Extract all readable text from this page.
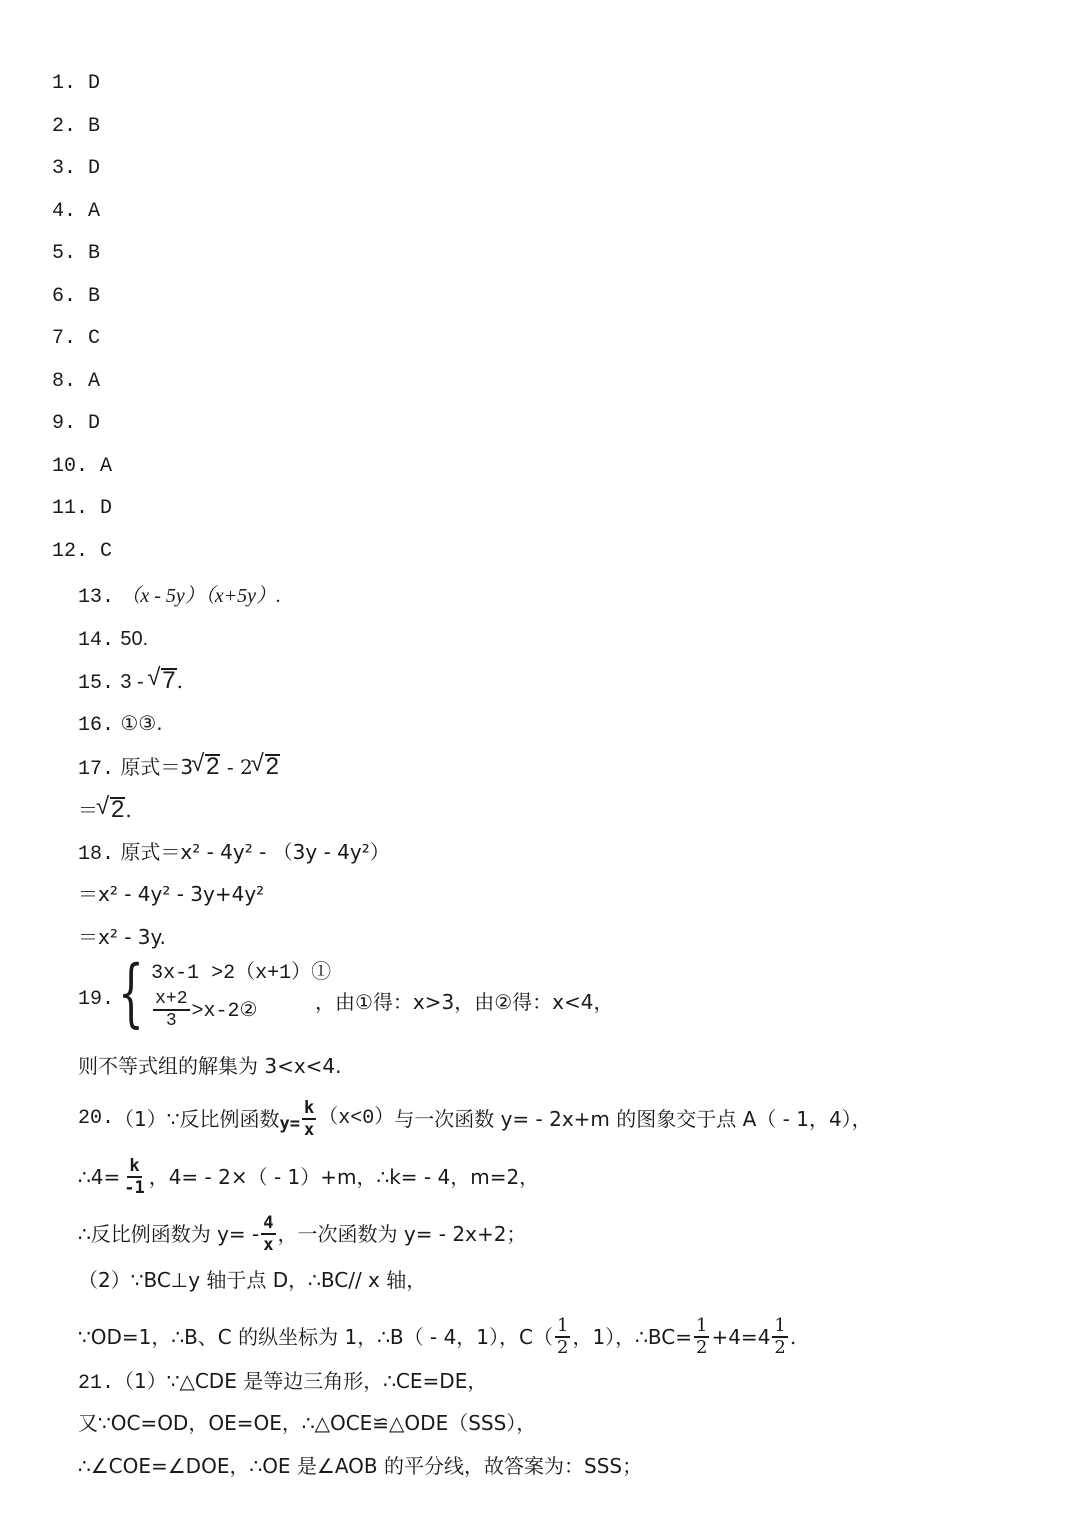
1. D
2. B
3. D
4. A
5. B
6. B
7. C
8. A
9. D
10. A
11. D
12. C
13. （x - 5y）（x+5y）.
14. 50.
15. 3 - √ 7.
16. ①③.
17. 原式＝3 √ 2 - 2 √ 2
＝ √ 2.
18. 原式＝x² - 4y² - （3y - 4y²）
＝x² - 4y² - 3y+4y²
＝x² - 3y.
19. { 3x-1 >2（x+1）①
$\frac{x+2}{3}$ >x-2②	，由①得：x>3，由②得：x<4，
则不等式组的解集为 3<x<4.
20. （1）∵反比例函数 $y= \frac{k}{x} (x<0)$ 与一次函数 y= - 2x+m 的图象交于点 A（ - 1，4），
∴4= $\frac{k}{-1}$ ，4= - 2×（ - 1）+m，∴k= - 4，m=2，
∴反比例函数为 $y= - \frac{4}{x}$ ，一次函数为 y= - 2x+2；
（2）∵BC⊥y 轴于点 D，∴BC// x 轴，
∵OD=1，∴B、C 的纵坐标为 1，∴B（ - 4，1），$C( \frac{1}{2}$ ，1），∴BC= $\frac{1}{2} +4=4 \frac{1}{2}$ .
21.（1）∵△CDE 是等边三角形，∴CE=DE，
又∵OC=OD，OE=OE，∴△OCE≌△ODE（SSS），
∴∠COE=∠DOE，∴OE 是∠AOB 的平分线，故答案为：SSS；
